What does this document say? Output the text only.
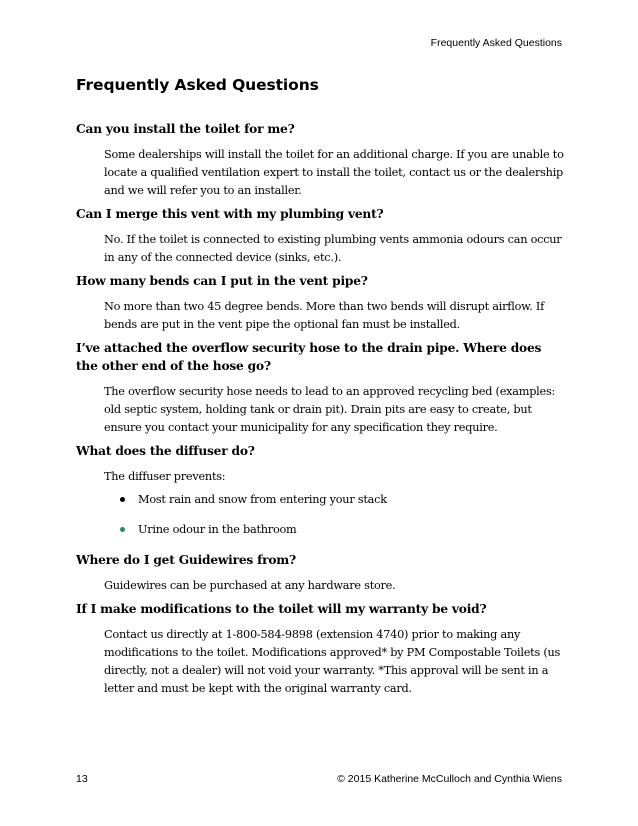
Frequently Asked Questions
Frequently Asked Questions

Can you install the toilet for me?

Some dealerships will install the toilet for an additional charge. If you are unable to locate a qualified ventilation expert to install the toilet, contact us or the dealership and we will refer you to an installer.

Can I merge this vent with my plumbing vent?

No. If the toilet is connected to existing plumbing vents ammonia odours can occur in any of the connected device (sinks, etc.).

How many bends can I put in the vent pipe?

No more than two 45 degree bends. More than two bends will disrupt airflow. If bends are put in the vent pipe the optional fan must be installed.

I’ve attached the overflow security hose to the drain pipe. Where does the other end of the hose go?

The overflow security hose needs to lead to an approved recycling bed (examples: old septic system, holding tank or drain pit). Drain pits are easy to create, but ensure you contact your municipality for any specification they require.

What does the diffuser do?

The diffuser prevents:

Most rain and snow from entering your stack
Urine odour in the bathroom

Where do I get Guidewires from?

Guidewires can be purchased at any hardware store.

If I make modifications to the toilet will my warranty be void?

Contact us directly at 1-800-584-9898 (extension 4740) prior to making any modifications to the toilet. Modifications approved* by PM Compostable Toilets (us directly, not a dealer) will not void your warranty. *This approval will be sent in a letter and must be kept with the original warranty card.

13	© 2015 Katherine McCulloch and Cynthia Wiens
